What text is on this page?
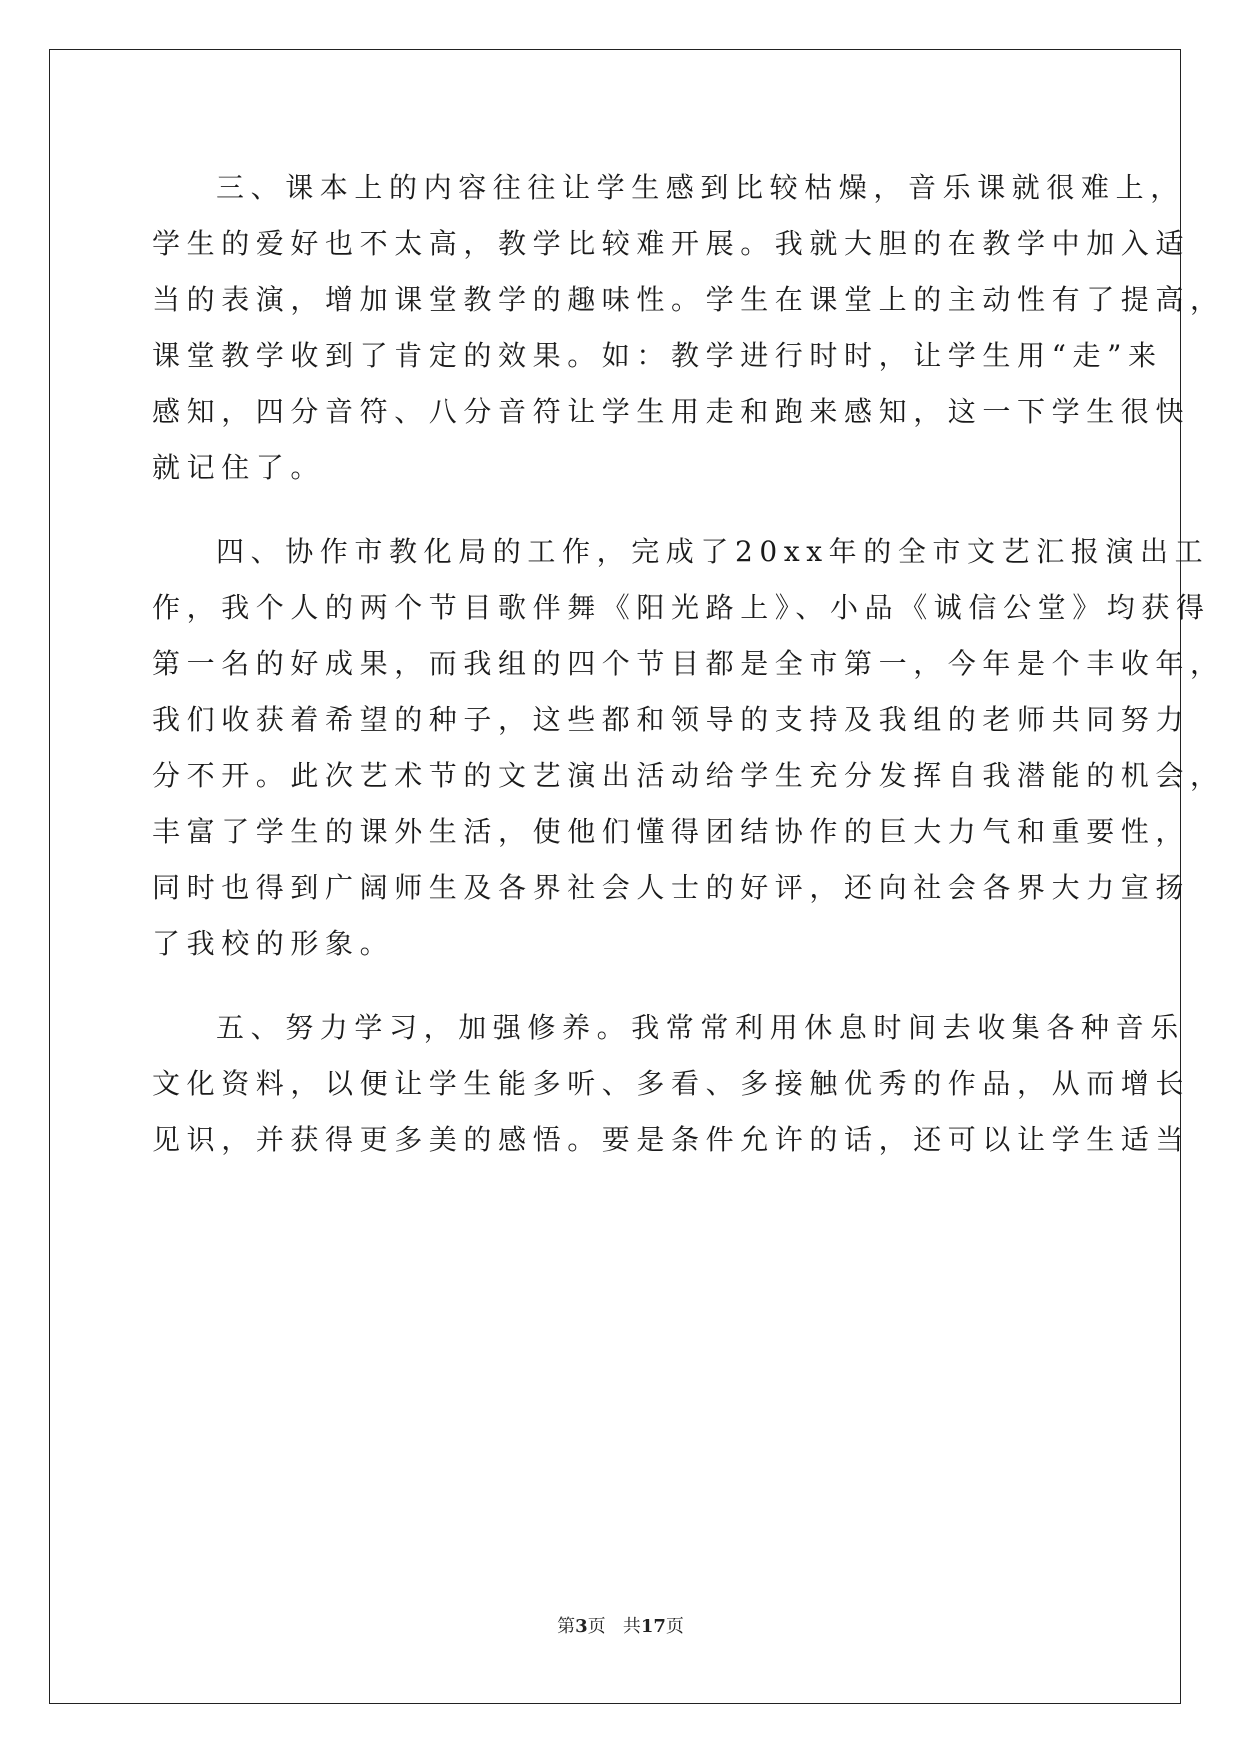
三、课本上的内容往往让学生感到比较枯燥，音乐课就很难上，
学生的爱好也不太高，教学比较难开展。我就大胆的在教学中加入适
当的表演，增加课堂教学的趣味性。学生在课堂上的主动性有了提高，
课堂教学收到了肯定的效果。如：教学进行时时，让学生用“走”来
感知，四分音符、八分音符让学生用走和跑来感知，这一下学生很快
就记住了。
四、协作市教化局的工作，完成了20xx年的全市文艺汇报演出工
作，我个人的两个节目歌伴舞《阳光路上》、小品《诚信公堂》均获得
第一名的好成果，而我组的四个节目都是全市第一，今年是个丰收年，
我们收获着希望的种子，这些都和领导的支持及我组的老师共同努力
分不开。此次艺术节的文艺演出活动给学生充分发挥自我潜能的机会，
丰富了学生的课外生活，使他们懂得团结协作的巨大力气和重要性，
同时也得到广阔师生及各界社会人士的好评，还向社会各界大力宣扬
了我校的形象。
五、努力学习，加强修养。我常常利用休息时间去收集各种音乐
文化资料，以便让学生能多听、多看、多接触优秀的作品，从而增长
见识，并获得更多美的感悟。要是条件允许的话，还可以让学生适当
第3页 共17页
